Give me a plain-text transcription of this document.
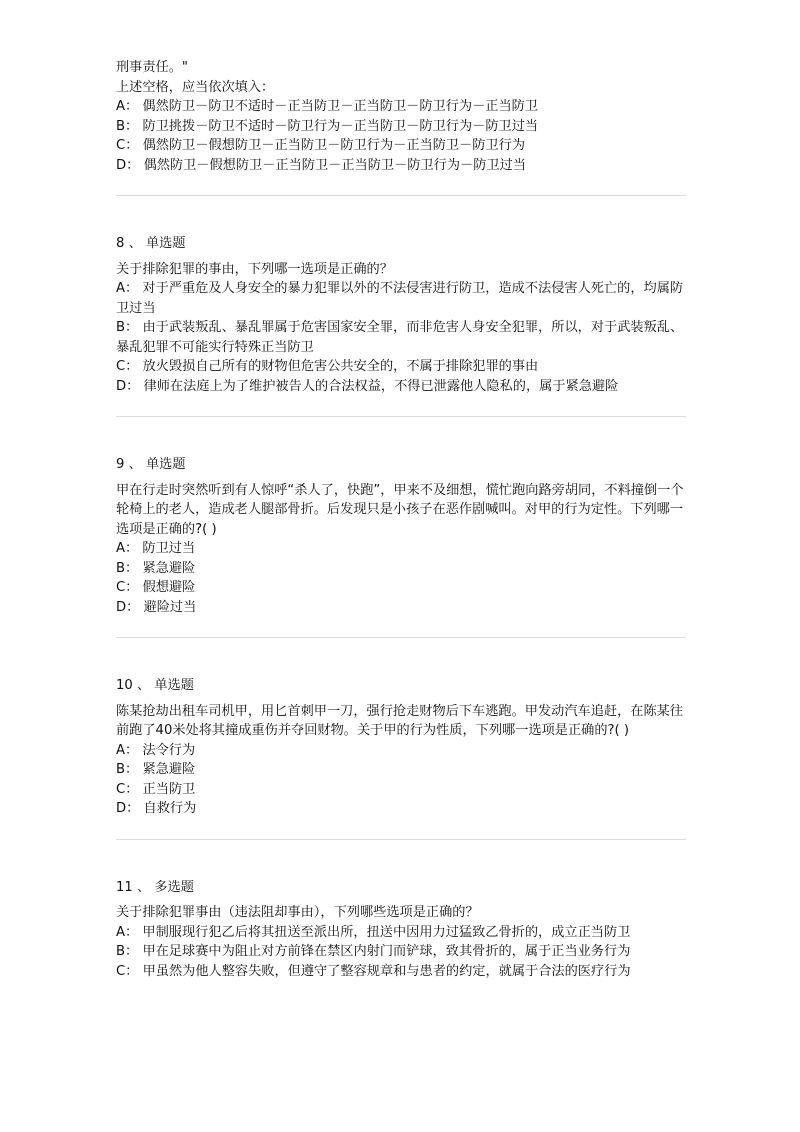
刑事责任。"
上述空格，应当依次填入：
A： 偶然防卫－防卫不适时－正当防卫－正当防卫－防卫行为－正当防卫
B： 防卫挑拨－防卫不适时－防卫行为－正当防卫－防卫行为－防卫过当
C： 偶然防卫－假想防卫－正当防卫－防卫行为－正当防卫－防卫行为
D： 偶然防卫－假想防卫－正当防卫－正当防卫－防卫行为－防卫过当
8 、 单选题
关于排除犯罪的事由，下列哪一选项是正确的？
A： 对于严重危及人身安全的暴力犯罪以外的不法侵害进行防卫，造成不法侵害人死亡的，均属防卫过当
B： 由于武装叛乱、暴乱罪属于危害国家安全罪，而非危害人身安全犯罪，所以，对于武装叛乱、暴乱犯罪不可能实行特殊正当防卫
C： 放火毁损自己所有的财物但危害公共安全的，不属于排除犯罪的事由
D： 律师在法庭上为了维护被告人的合法权益，不得已泄露他人隐私的，属于紧急避险
9 、 单选题
甲在行走时突然听到有人惊呼“杀人了，快跑”，甲来不及细想，慌忙跑向路旁胡同，不料撞倒一个轮椅上的老人，造成老人腿部骨折。后发现只是小孩子在恶作剧喊叫。对甲的行为定性。下列哪一选项是正确的?( )
A： 防卫过当
B： 紧急避险
C： 假想避险
D： 避险过当
10 、 单选题
陈某抢劫出租车司机甲，用匕首刺甲一刀，强行抢走财物后下车逃跑。甲发动汽车追赶，在陈某往前跑了40米处将其撞成重伤并夺回财物。关于甲的行为性质，下列哪一选项是正确的?( )
A： 法令行为
B： 紧急避险
C： 正当防卫
D： 自救行为
11 、 多选题
关于排除犯罪事由（违法阻却事由），下列哪些选项是正确的？
A： 甲制服现行犯乙后将其扭送至派出所，扭送中因用力过猛致乙骨折的，成立正当防卫
B： 甲在足球赛中为阻止对方前锋在禁区内射门而铲球，致其骨折的，属于正当业务行为
C： 甲虽然为他人整容失败，但遵守了整容规章和与患者的约定，就属于合法的医疗行为
